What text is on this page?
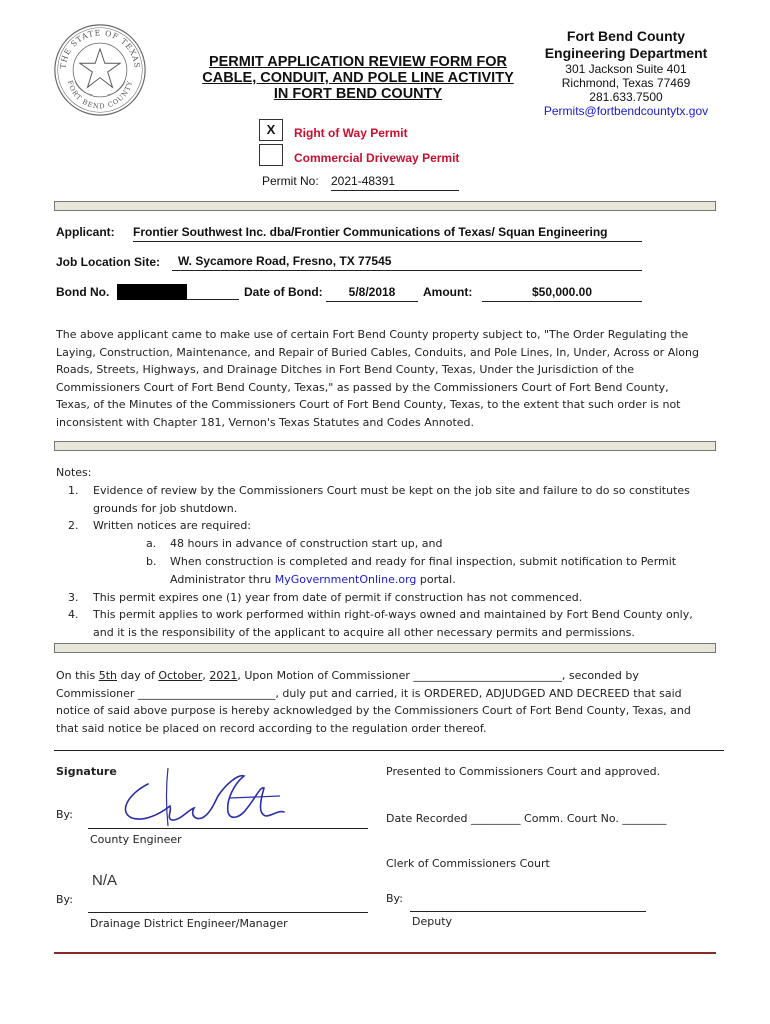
THE STATE OF TEXAS
FORT BEND COUNTY
PERMIT APPLICATION REVIEW FORM FOR
CABLE, CONDUIT, AND POLE LINE ACTIVITY
IN FORT BEND COUNTY
Fort Bend County
Engineering Department
301 Jackson Suite 401
Richmond, Texas 77469
281.633.7500
Permits@fortbendcountytx.gov
X	Right of Way Permit
Commercial Driveway Permit
Permit No: 2021-48391
Applicant: Frontier Southwest Inc. dba/Frontier Communications of Texas/ Squan Engineering
Job Location Site:	W. Sycamore Road, Fresno, TX 77545
Bond No.	Date of Bond:	5/8/2018	Amount:	$50,000.00
The above applicant came to make use of certain Fort Bend County property subject to, "The Order Regulating the
Laying, Construction, Maintenance, and Repair of Buried Cables, Conduits, and Pole Lines, In, Under, Across or Along
Roads, Streets, Highways, and Drainage Ditches in Fort Bend County, Texas, Under the Jurisdiction of the
Commissioners Court of Fort Bend County, Texas," as passed by the Commissioners Court of Fort Bend County,
Texas, of the Minutes of the Commissioners Court of Fort Bend County, Texas, to the extent that such order is not
inconsistent with Chapter 181, Vernon's Texas Statutes and Codes Annoted.
Notes:
1. Evidence of review by the Commissioners Court must be kept on the job site and failure to do so constitutes
grounds for job shutdown.
2. Written notices are required:
a. 48 hours in advance of construction start up, and
b. When construction is completed and ready for final inspection, submit notification to Permit
Administrator thru MyGovernmentOnline.org portal.
3. This permit expires one (1) year from date of permit if construction has not commenced.
4. This permit applies to work performed within right-of-ways owned and maintained by Fort Bend County only,
and it is the responsibility of the applicant to acquire all other necessary permits and permissions.
On this 5th day of October, 2021, Upon Motion of Commissioner ___________________________, seconded by
Commissioner _________________________, duly put and carried, it is ORDERED, ADJUDGED AND DECREED that said
notice of said above purpose is hereby acknowledged by the Commissioners Court of Fort Bend County, Texas, and
that said notice be placed on record according to the regulation order thereof.
Signature
By:
County Engineer
N/A
By:
Drainage District Engineer/Manager
Presented to Commissioners Court and approved.
Date Recorded _________ Comm. Court No. ________
Clerk of Commissioners Court
By:
Deputy
